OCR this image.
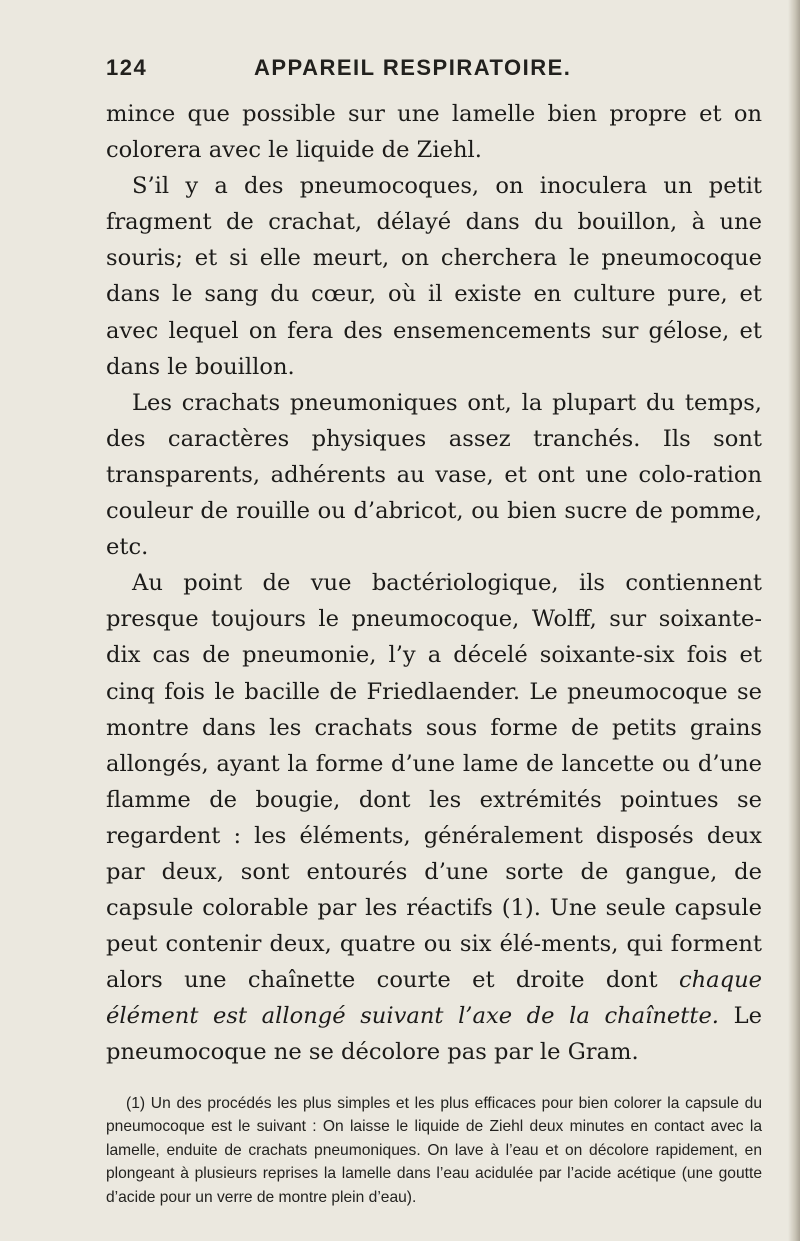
124	APPAREIL RESPIRATOIRE.

mince que possible sur une lamelle bien propre et on colorera avec le liquide de Ziehl.

S’il y a des pneumocoques, on inoculera un petit fragment de crachat, délayé dans du bouillon, à une souris; et si elle meurt, on cherchera le pneumocoque dans le sang du cœur, où il existe en culture pure, et avec lequel on fera des ensemencements sur gélose, et dans le bouillon.

Les crachats pneumoniques ont, la plupart du temps, des caractères physiques assez tranchés. Ils sont transparents, adhérents au vase, et ont une colo-ration couleur de rouille ou d’abricot, ou bien sucre de pomme, etc.

Au point de vue bactériologique, ils contiennent presque toujours le pneumocoque, Wolff, sur soixante-dix cas de pneumonie, l’y a décelé soixante-six fois et cinq fois le bacille de Friedlaender. Le pneumocoque se montre dans les crachats sous forme de petits grains allongés, ayant la forme d’une lame de lancette ou d’une flamme de bougie, dont les extrémités pointues se regardent : les éléments, généralement disposés deux par deux, sont entourés d’une sorte de gangue, de capsule colorable par les réactifs (1). Une seule capsule peut contenir deux, quatre ou six élé-ments, qui forment alors une chaînette courte et droite dont chaque élément est allongé suivant l’axe de la chaînette. Le pneumocoque ne se décolore pas par le Gram.

(1) Un des procédés les plus simples et les plus efficaces pour bien colorer la capsule du pneumocoque est le suivant : On laisse le liquide de Ziehl deux minutes en contact avec la lamelle, enduite de crachats pneumoniques. On lave à l’eau et on décolore rapidement, en plongeant à plusieurs reprises la lamelle dans l’eau acidulée par l’acide acétique (une goutte d’acide pour un verre de montre plein d’eau).
